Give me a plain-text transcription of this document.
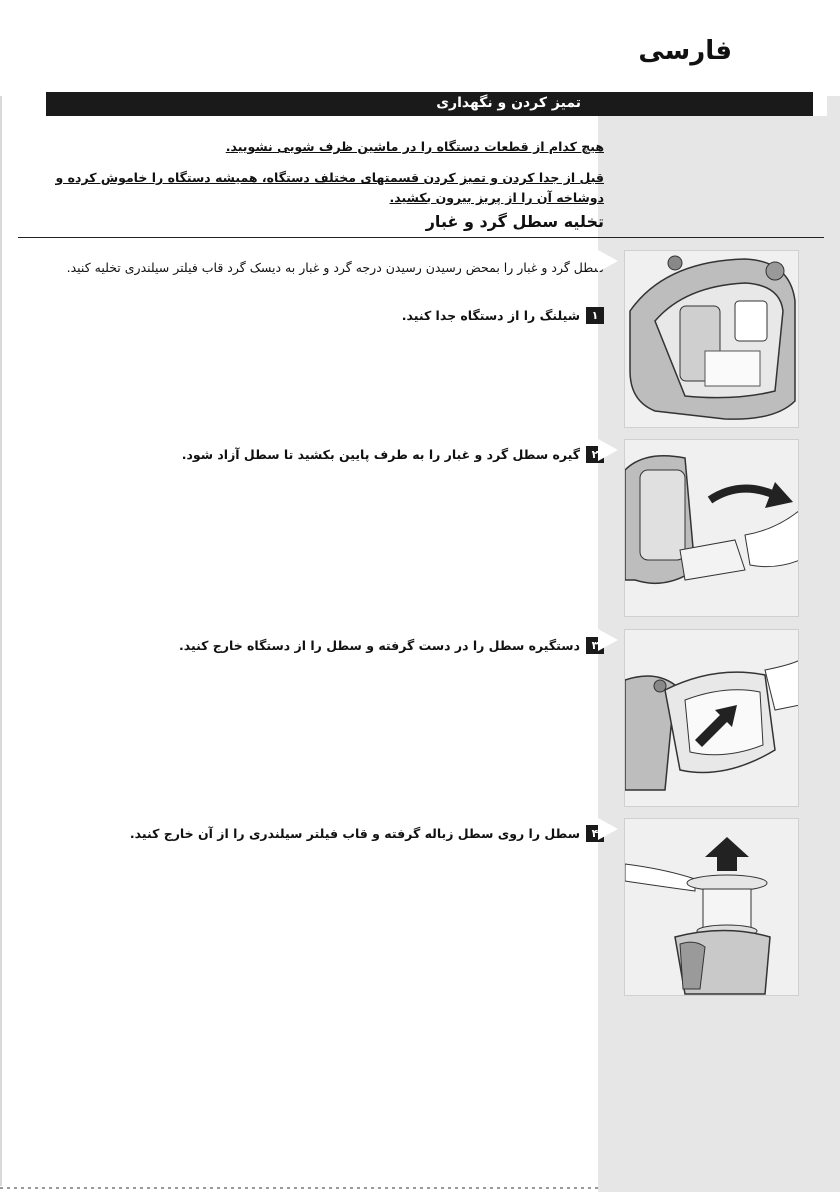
فارسی
تمیز کردن و نگهداری
هیچ کدام از قطعات دستگاه را در ماشین ظرف شویی نشویید.
قبل از جدا کردن و تمیز کردن قسمتهای مختلف دستگاه، همیشه دستگاه را خاموش کرده و دوشاخه آن را از پریز بیرون بکشید.
تخلیه سطل گرد و غبار
سطل گرد و غبار را بمحض رسیدن رسیدن درجه گرد و غبار به دیسک گرد قاب فیلتر سیلندری تخلیه کنید.
۱
شیلنگ را از دستگاه جدا کنید.
۲
گیره سطل گرد و غبار را به طرف پایین بکشید تا سطل آزاد شود.
۳
دستگیره سطل را در دست گرفته و سطل را از دستگاه خارج کنید.
۴
سطل را روی سطل زباله گرفته و قاب فیلتر سیلندری را از آن خارج کنید.
